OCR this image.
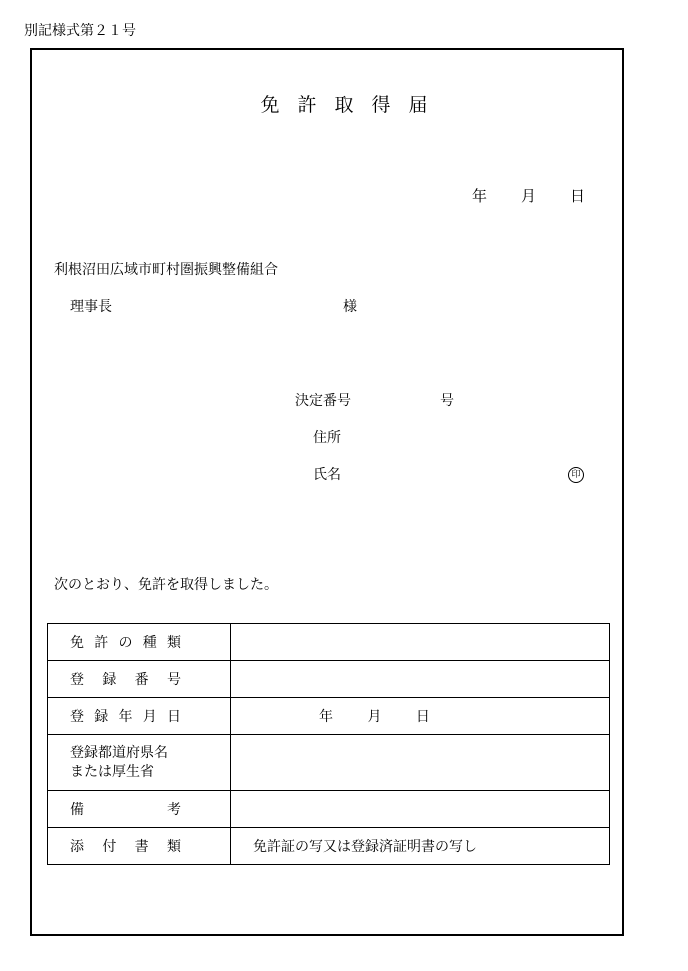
別記様式第２１号
免許取得届
年 月 日
利根沼田広域市町村圏振興整備組合
理事長	様
決定番号	号
住所
氏名	印
次のとおり、免許を取得しました。
免 許 の 種 類	

登 録 番 号	

登 録 年 月 日	年 月 日

登録都道府県名
または厚生省	

備 考	

添 付 書 類	免許証の写又は登録済証明書の写し
